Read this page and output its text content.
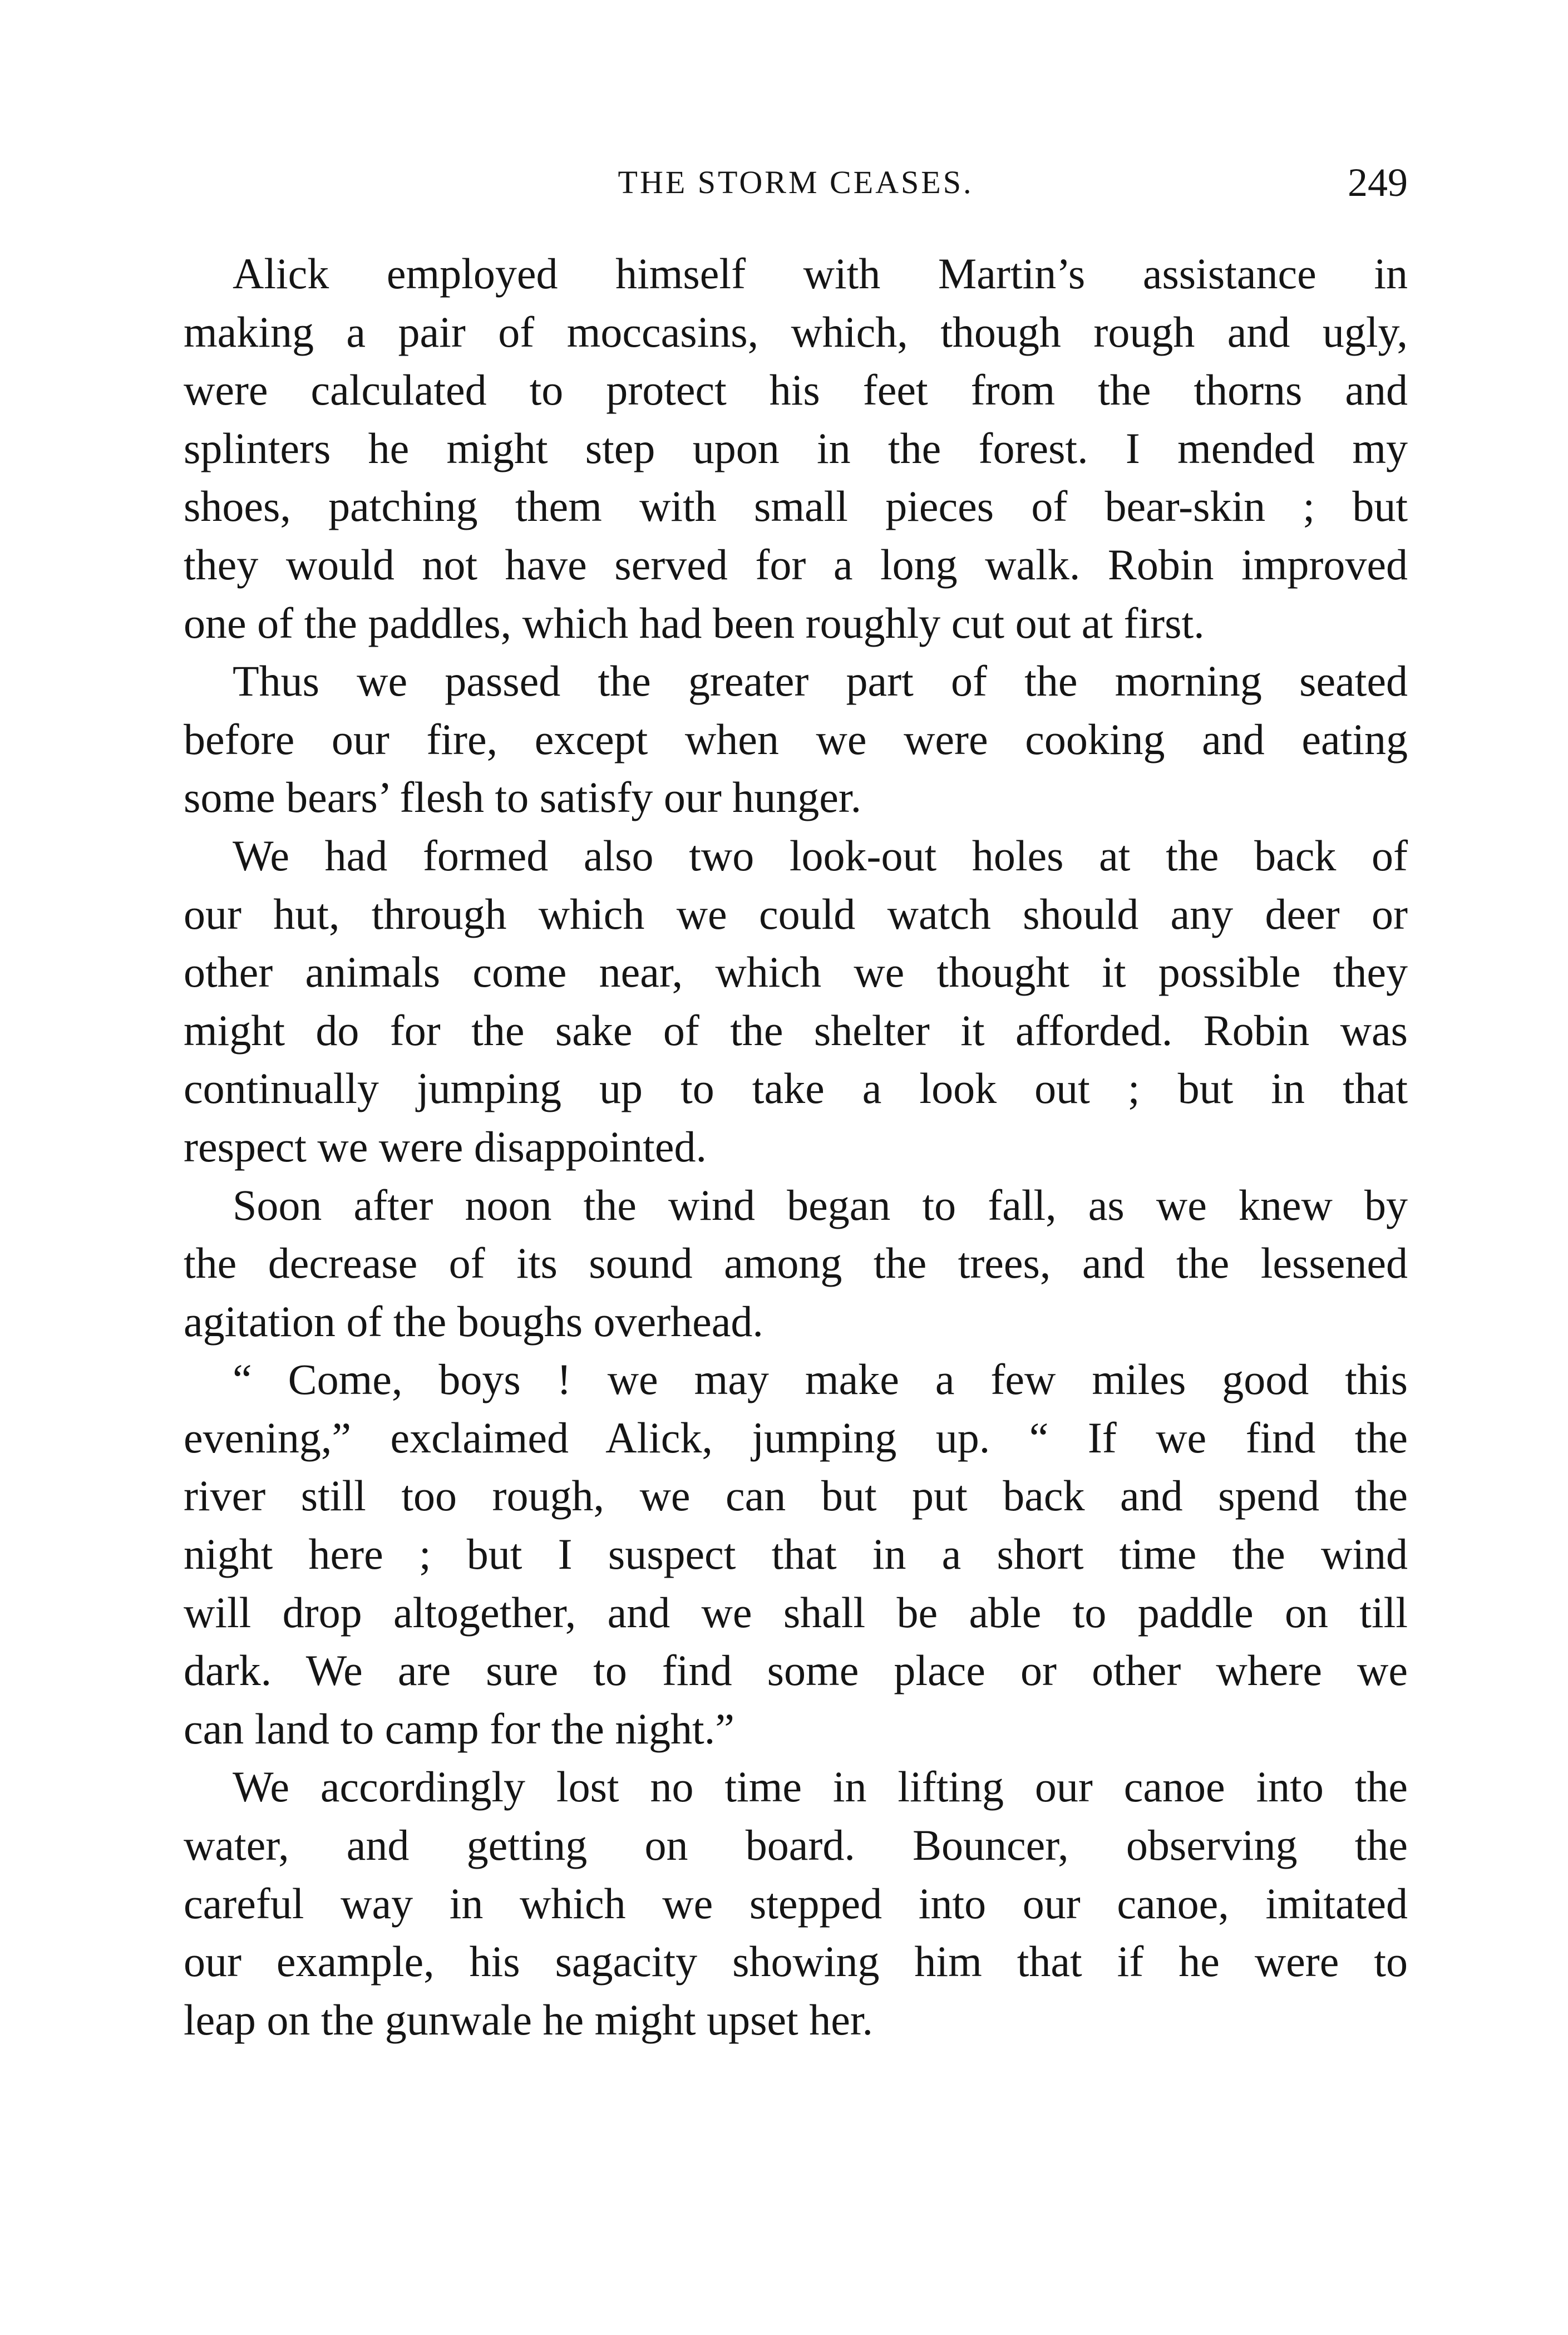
THE STORM CEASES.	249
Alick employed himself with Martin’s assistance in
making a pair of moccasins, which, though rough and ugly,
were calculated to protect his feet from the thorns and
splinters he might step upon in the forest. I mended my
shoes, patching them with small pieces of bear-skin ; but
they would not have served for a long walk. Robin improved
one of the paddles, which had been roughly cut out at first.
Thus we passed the greater part of the morning seated
before our fire, except when we were cooking and eating
some bears’ flesh to satisfy our hunger.
We had formed also two look-out holes at the back of
our hut, through which we could watch should any deer or
other animals come near, which we thought it possible they
might do for the sake of the shelter it afforded. Robin was
continually jumping up to take a look out ; but in that
respect we were disappointed.
Soon after noon the wind began to fall, as we knew by
the decrease of its sound among the trees, and the lessened
agitation of the boughs overhead.
“ Come, boys ! we may make a few miles good this
evening,” exclaimed Alick, jumping up. “ If we find the
river still too rough, we can but put back and spend the
night here ; but I suspect that in a short time the wind
will drop altogether, and we shall be able to paddle on till
dark. We are sure to find some place or other where we
can land to camp for the night.”
We accordingly lost no time in lifting our canoe into the
water, and getting on board. Bouncer, observing the
careful way in which we stepped into our canoe, imitated
our example, his sagacity showing him that if he were to
leap on the gunwale he might upset her.
